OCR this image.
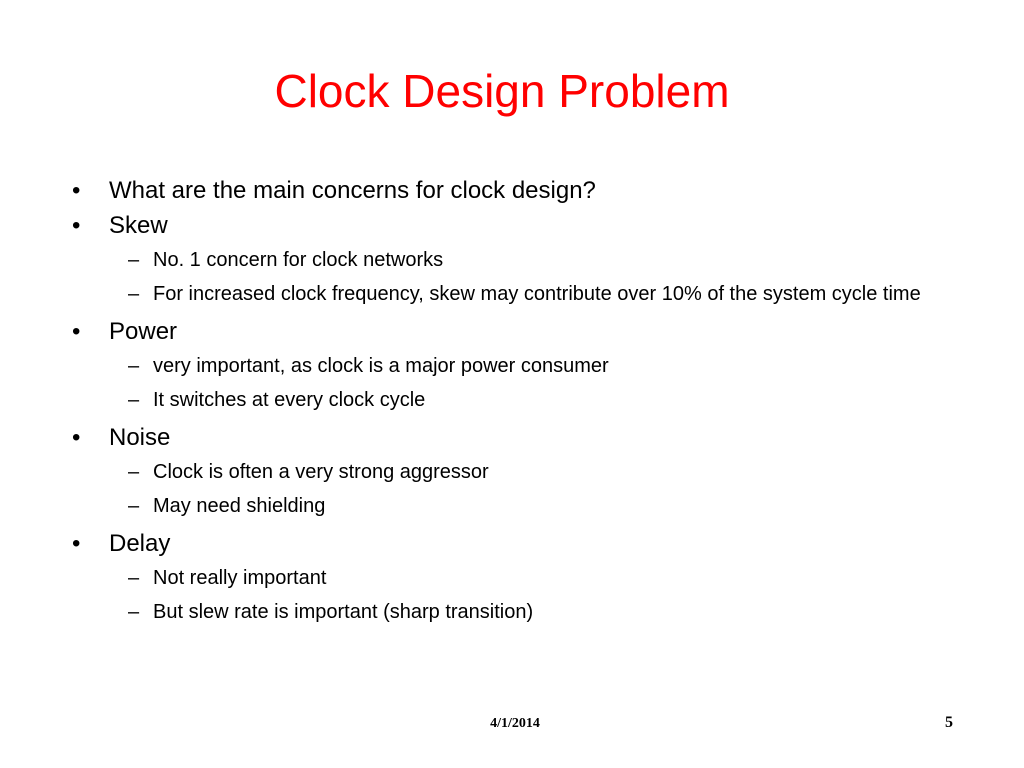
Clock Design Problem
•	What are the main concerns for clock design?
•	Skew
– No. 1 concern for clock networks
– For increased clock frequency, skew may contribute over 10% of the system cycle time
•	Power
– very important, as clock is a major power consumer
– It switches at every clock cycle
•	Noise
– Clock is often a very strong aggressor
– May need shielding
•	Delay
– Not really important
– But slew rate is important (sharp transition)
4/1/2014	5
